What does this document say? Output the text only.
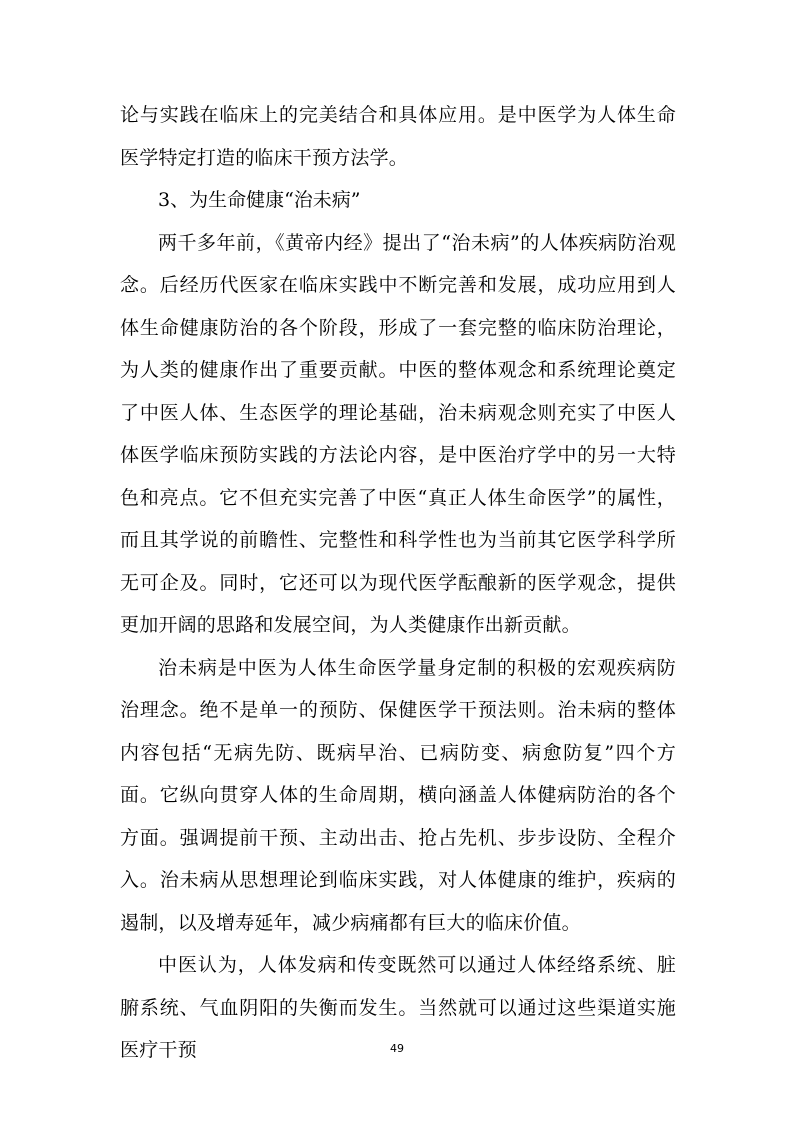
论与实践在临床上的完美结合和具体应用。是中医学为人体生命医学特定打造的临床干预方法学。

3、为生命健康“治未病”

两千多年前，《黄帝内经》提出了“治未病”的人体疾病防治观念。后经历代医家在临床实践中不断完善和发展，成功应用到人体生命健康防治的各个阶段，形成了一套完整的临床防治理论，为人类的健康作出了重要贡献。中医的整体观念和系统理论奠定了中医人体、生态医学的理论基础，治未病观念则充实了中医人体医学临床预防实践的方法论内容，是中医治疗学中的另一大特色和亮点。它不但充实完善了中医“真正人体生命医学”的属性，而且其学说的前瞻性、完整性和科学性也为当前其它医学科学所无可企及。同时，它还可以为现代医学酝酿新的医学观念，提供更加开阔的思路和发展空间，为人类健康作出新贡献。

治未病是中医为人体生命医学量身定制的积极的宏观疾病防治理念。绝不是单一的预防、保健医学干预法则。治未病的整体内容包括“无病先防、既病早治、已病防变、病愈防复”四个方面。它纵向贯穿人体的生命周期，横向涵盖人体健病防治的各个方面。强调提前干预、主动出击、抢占先机、步步设防、全程介入。治未病从思想理论到临床实践，对人体健康的维护，疾病的遏制，以及增寿延年，减少病痛都有巨大的临床价值。

中医认为，人体发病和传变既然可以通过人体经络系统、脏腑系统、气血阴阳的失衡而发生。当然就可以通过这些渠道实施医疗干预	49
